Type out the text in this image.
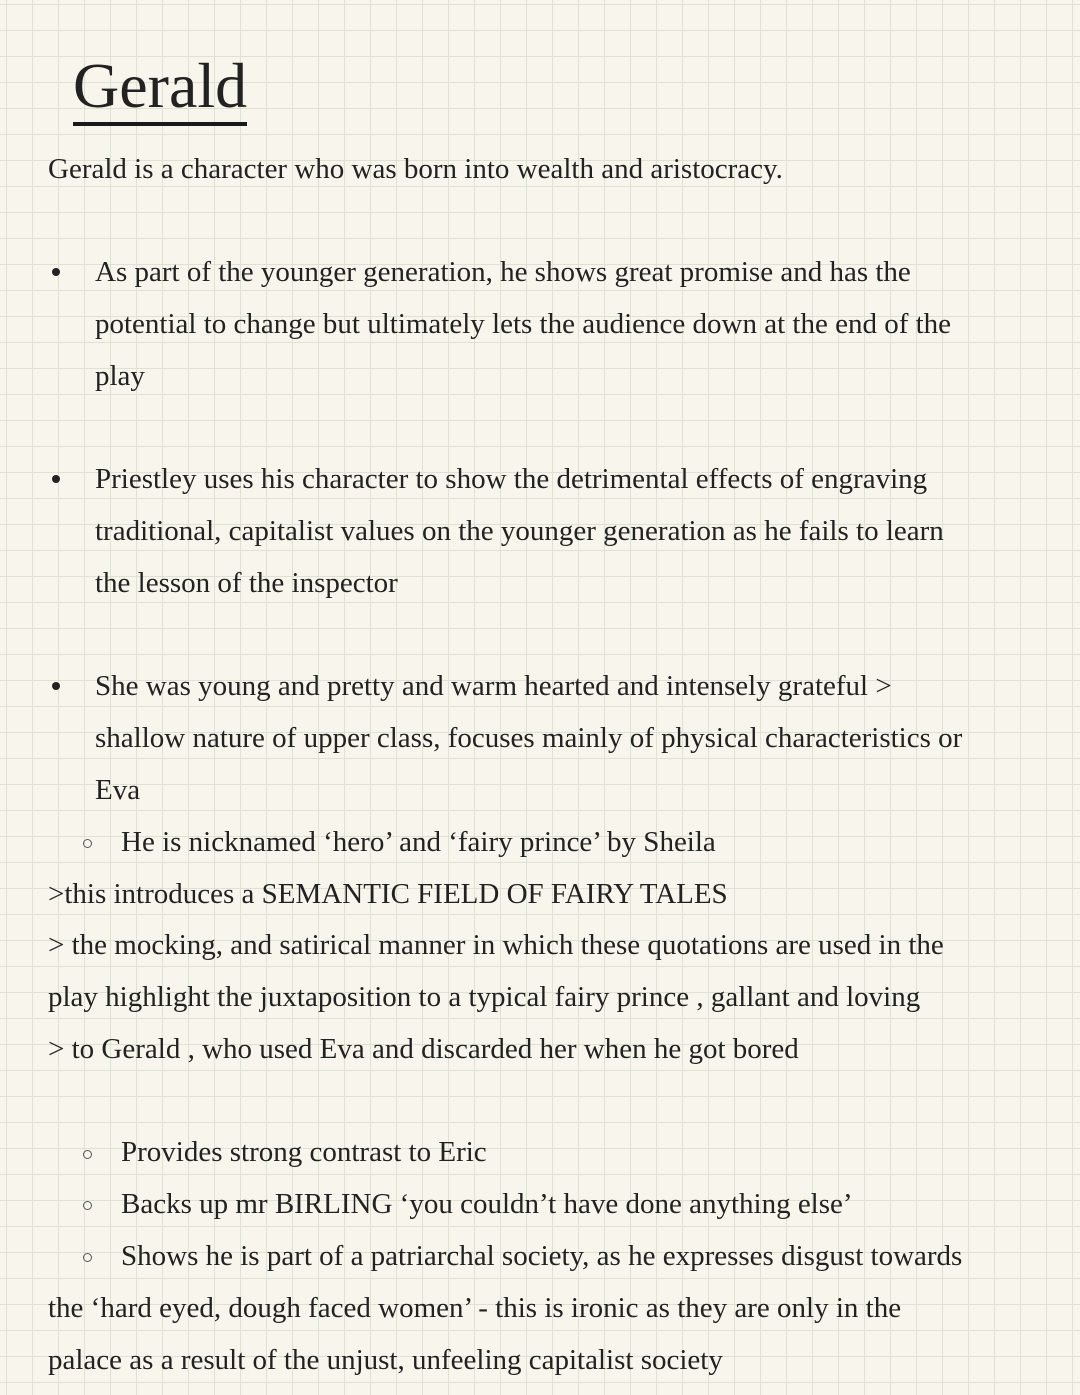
Gerald
Gerald is a character who was born into wealth and aristocracy.
As part of the younger generation, he shows great promise and has the
potential to change but ultimately lets the audience down at the end of the
play
Priestley uses his character to show the detrimental effects of engraving
traditional, capitalist values on the younger generation as he fails to learn
the lesson of the inspector
She was young and pretty and warm hearted and intensely grateful >
shallow nature of upper class, focuses mainly of physical characteristics or
Eva
He is nicknamed ‘hero’ and ‘fairy prince’ by Sheila
>this introduces a SEMANTIC FIELD OF FAIRY TALES
> the mocking, and satirical manner in which these quotations are used in the
play highlight the juxtaposition to a typical fairy prince , gallant and loving
> to Gerald , who used Eva and discarded her when he got bored
Provides strong contrast to Eric
Backs up mr BIRLING ‘you couldn’t have done anything else’
Shows he is part of a patriarchal society, as he expresses disgust towards
the ‘hard eyed, dough faced women’ - this is ironic as they are only in the
palace as a result of the unjust, unfeeling capitalist society
